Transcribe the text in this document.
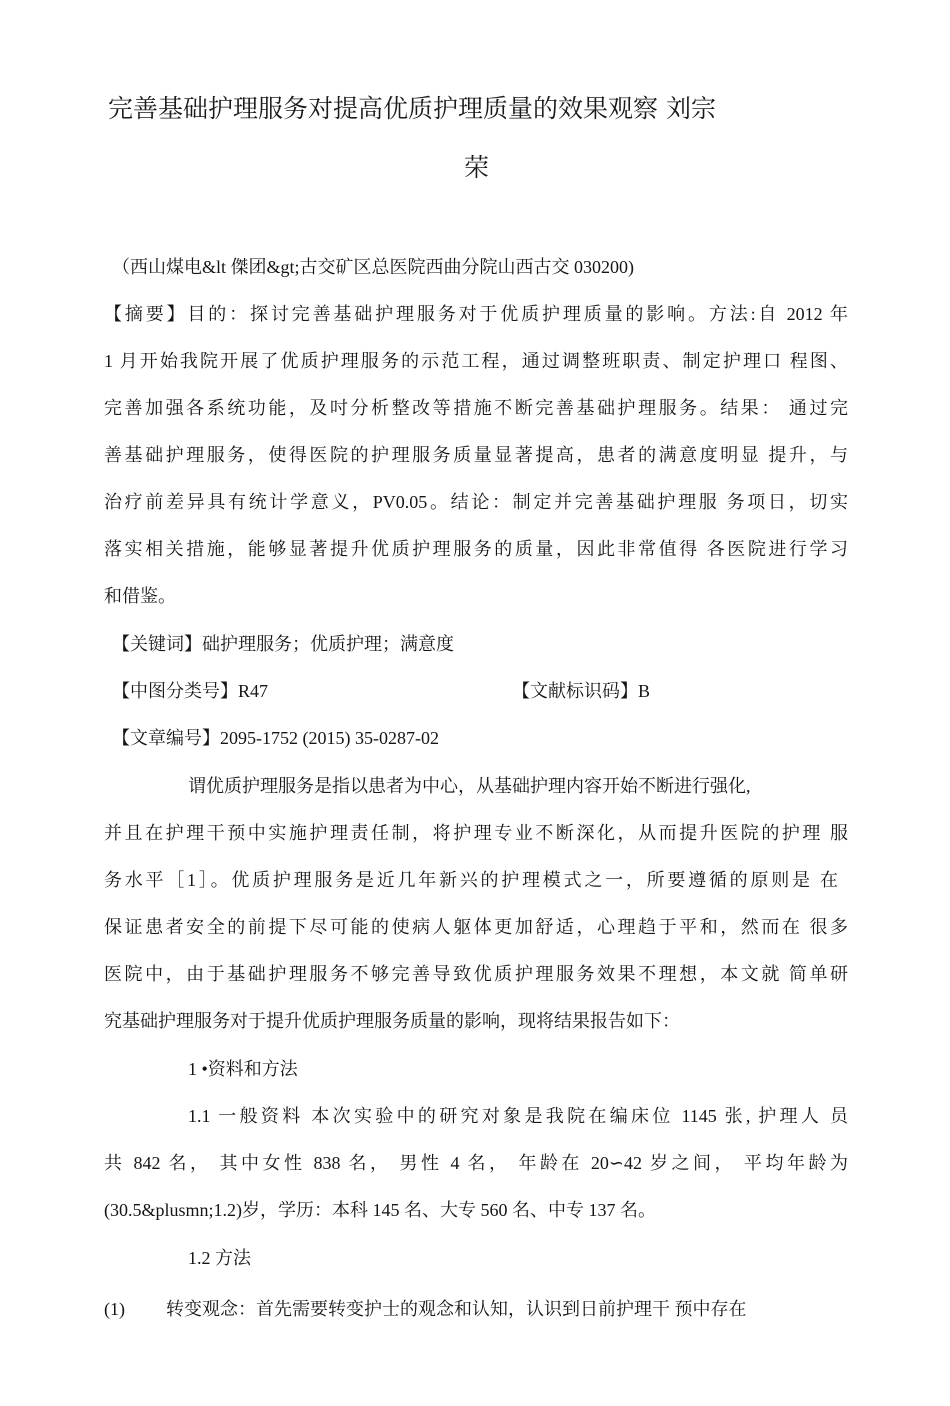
完善基础护理服务对提高优质护理质量的效果观察 刘宗
荣
（西山煤电&lt 傑团&gt;古交矿区总医院西曲分院山西古交 030200)
【摘要】目的：探讨完善基础护理服务对于优质护理质量的影响。方法:自 2012 年
1 月开始我院开展了优质护理服务的示范工程，通过调整班职责、制定护理口 程图、
完善加强各系统功能，及吋分析整改等措施不断完善基础护理服务。结果： 通过完
善基础护理服务，使得医院的护理服务质量显著提高，患者的满意度明显 提升，与
治疗前差异具有统计学意义，PV0.05。结论：制定并完善基础护理服 务项日，切实
落实相关措施，能够显著提升优质护理服务的质量，因此非常值得 各医院进行学习
和借鉴。
【关键词】础护理服务；优质护理；满意度
【中图分类号】R47	【文献标识码】B
【文章编号】2095-1752 (2015) 35-0287-02
谓优质护理服务是指以患者为中心，从基础护理内容开始不断进行强化,
并且在护理干预中实施护理责任制，将护理专业不断深化，从而提升医院的护理 服
务水平［1］。优质护理服务是近几年新兴的护理模式之一，所要遵循的原则是 在
保证患者安全的前提下尽可能的使病人躯体更加舒适，心理趋于平和，然而在 很多
医院中，由于基础护理服务不够完善导致优质护理服务效果不理想，本文就 简单研
究基础护理服务对于提升优质护理服务质量的影响，现将结果报告如下：
1 •资料和方法
1.1 一般资料 本次实验中的研究对象是我院在编床位 1145 张, 护理人 员
共 842 名， 其中女性 838 名， 男性 4 名， 年龄在 20∽42 岁之间， 平均年龄为
(30.5&plusmn;1.2)岁，学历：本科 145 名、大专 560 名、中专 137 名。
1.2 方法
(1) 转变观念：首先需要转变护士的观念和认知，认识到日前护理干 预中存在
